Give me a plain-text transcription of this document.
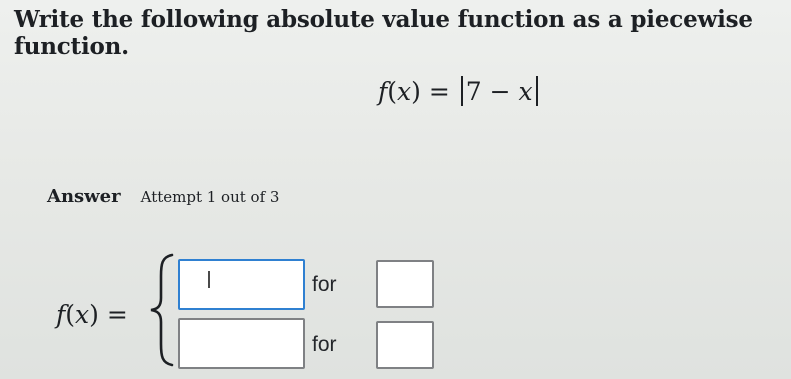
Write the following absolute value function as a piecewise function.
f(x) = 7 − x
Answer Attempt 1 out of 3
f(x) =
for
for
